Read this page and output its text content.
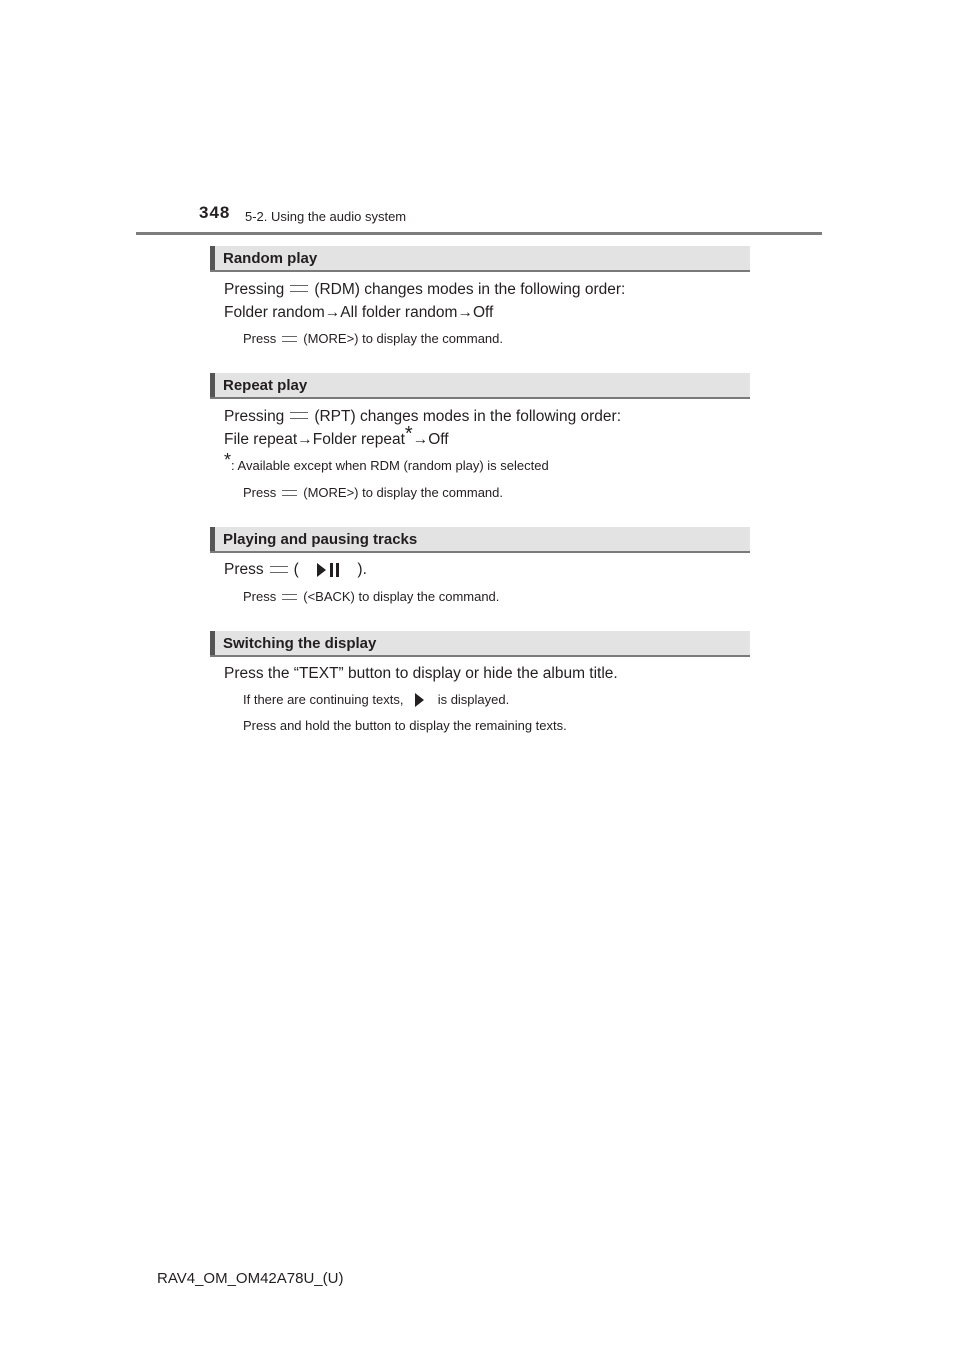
348 5-2. Using the audio system
Random play
Pressing (RDM) changes modes in the following order:
Folder random→All folder random→Off
Press (MORE>) to display the command.
Repeat play
Pressing (RPT) changes modes in the following order:
File repeat→Folder repeat*→Off
*: Available except when RDM (random play) is selected
Press (MORE>) to display the command.
Playing and pausing tracks
Press (	).
Press (<BACK) to display the command.
Switching the display
Press the “TEXT” button to display or hide the album title.
If there are continuing texts,	is displayed.
Press and hold the button to display the remaining texts.
RAV4_OM_OM42A78U_(U)
